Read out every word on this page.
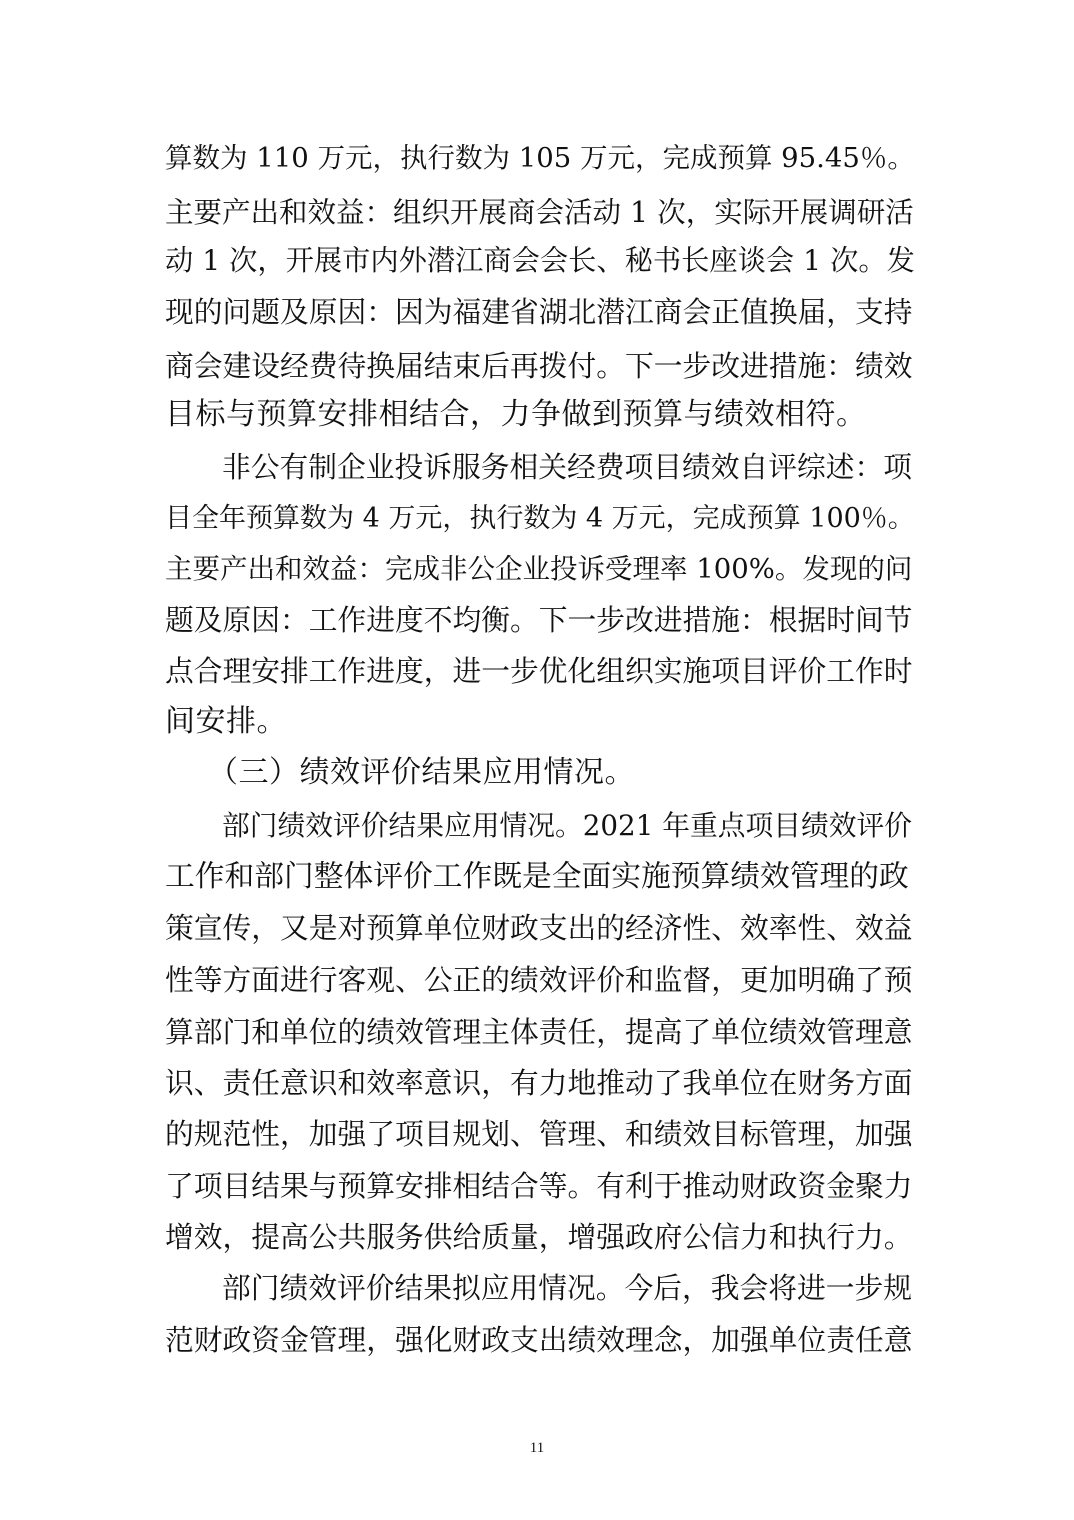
算数为 110 万元，执行数为 105 万元，完成预算 95.45％。
主要产出和效益：组织开展商会活动 1 次，实际开展调研活
动 1 次，开展市内外潜江商会会长、秘书长座谈会 1 次。发
现的问题及原因：因为福建省湖北潜江商会正值换届，支持
商会建设经费待换届结束后再拨付。下一步改进措施：绩效
目标与预算安排相结合，力争做到预算与绩效相符。
非公有制企业投诉服务相关经费项目绩效自评综述：项
目全年预算数为 4 万元，执行数为 4 万元，完成预算 100％。
主要产出和效益：完成非公企业投诉受理率 100%。发现的问
题及原因：工作进度不均衡。下一步改进措施：根据时间节
点合理安排工作进度，进一步优化组织实施项目评价工作时
间安排。
（三）绩效评价结果应用情况。
部门绩效评价结果应用情况。2021 年重点项目绩效评价
工作和部门整体评价工作既是全面实施预算绩效管理的政
策宣传，又是对预算单位财政支出的经济性、效率性、效益
性等方面进行客观、公正的绩效评价和监督，更加明确了预
算部门和单位的绩效管理主体责任，提高了单位绩效管理意
识、责任意识和效率意识，有力地推动了我单位在财务方面
的规范性，加强了项目规划、管理、和绩效目标管理，加强
了项目结果与预算安排相结合等。有利于推动财政资金聚力
增效，提高公共服务供给质量，增强政府公信力和执行力。
部门绩效评价结果拟应用情况。今后，我会将进一步规
范财政资金管理，强化财政支出绩效理念，加强单位责任意
11
